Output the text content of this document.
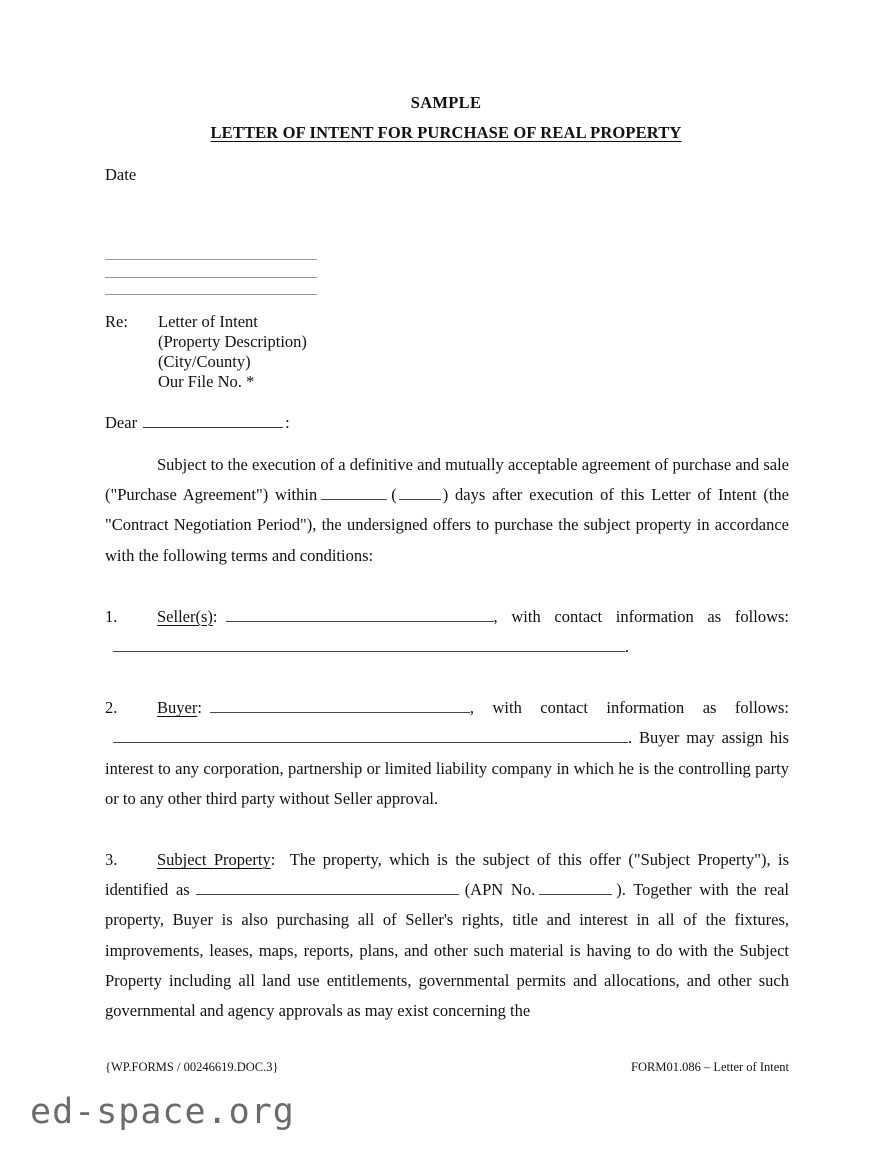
SAMPLE
LETTER OF INTENT FOR PURCHASE OF REAL PROPERTY
Date
Re:	Letter of Intent
(Property Description)
(City/County)
Our File No. *
Dear	:

Subject to the execution of a definitive and mutually acceptable agreement of purchase and sale ("Purchase Agreement") within	(	) days after execution of this Letter of Intent (the "Contract Negotiation Period"), the undersigned offers to purchase the subject property in accordance with the following terms and conditions:

1. Seller(s):	, with contact information as follows:.

2. Buyer:	, with contact information as follows:. Buyer may assign his interest to any corporation, partnership or limited liability company in which he is the controlling party or to any other third party without Seller approval.

3. Subject Property: The property, which is the subject of this offer ("Subject Property"), is identified as	(APN No.	). Together with the real property, Buyer is also purchasing all of Seller's rights, title and interest in all of the fixtures, improvements, leases, maps, reports, plans, and other such material is having to do with the Subject Property including all land use entitlements, governmental permits and allocations, and other such governmental and agency approvals as may exist concerning the

{WP.FORMS / 00246619.DOC.3}	FORM01.086 – Letter of Intent
ed-space.org
